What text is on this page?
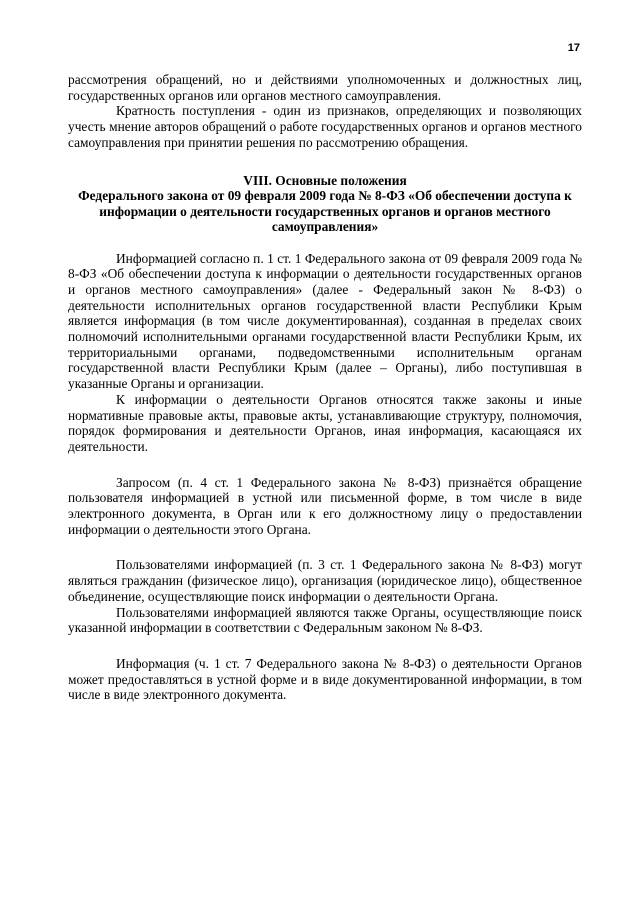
17

рассмотрения обращений, но и действиями уполномоченных и должностных лиц, государственных органов или органов местного самоуправления.

Кратность поступления - один из признаков, определяющих и позволяющих учесть мнение авторов обращений о работе государственных органов и органов местного самоуправления при принятии решения по рассмотрению обращения.

VIII. Основные положения

Федерального закона от 09 февраля 2009 года № 8-ФЗ «Об обеспечении доступа к информации о деятельности государственных органов и органов местного самоуправления»

Информацией согласно п. 1 ст. 1 Федерального закона от 09 февраля 2009 года № 8-ФЗ «Об обеспечении доступа к информации о деятельности государственных органов и органов местного самоуправления» (далее - Федеральный закон № 8-ФЗ) о деятельности исполнительных органов государственной власти Республики Крым является информация (в том числе документированная), созданная в пределах своих полномочий исполнительными органами государственной власти Республики Крым, их территориальными органами, подведомственными исполнительным органам государственной власти Республики Крым (далее – Органы), либо поступившая в указанные Органы и организации.

К информации о деятельности Органов относятся также законы и иные нормативные правовые акты, правовые акты, устанавливающие структуру, полномочия, порядок формирования и деятельности Органов, иная информация, касающаяся их деятельности.

Запросом (п. 4 ст. 1 Федерального закона № 8-ФЗ) признаётся обращение пользователя информацией в устной или письменной форме, в том числе в виде электронного документа, в Орган или к его должностному лицу о предоставлении информации о деятельности этого Органа.

Пользователями информацией (п. 3 ст. 1 Федерального закона № 8-ФЗ) могут являться гражданин (физическое лицо), организация (юридическое лицо), общественное объединение, осуществляющие поиск информации о деятельности Органа.

Пользователями информацией являются также Органы, осуществляющие поиск указанной информации в соответствии с Федеральным законом № 8-ФЗ.

Информация (ч. 1 ст. 7 Федерального закона № 8-ФЗ) о деятельности Органов может предоставляться в устной форме и в виде документированной информации, в том числе в виде электронного документа.
